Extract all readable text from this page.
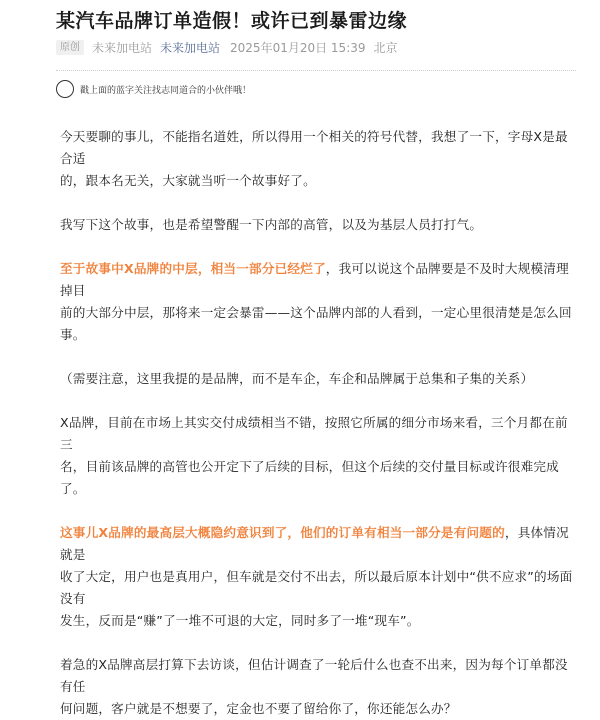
某汽车品牌订单造假！或许已到暴雷边缘
原创	未来加电站 未来加电站 2025年01月20日 15:39 北京
戳上面的蓝字关注找志同道合的小伙伴哦！

今天要聊的事儿，不能指名道姓，所以得用一个相关的符号代替，我想了一下，字母X是最合适
的，跟本名无关，大家就当听一个故事好了。

我写下这个故事，也是希望警醒一下内部的高管，以及为基层人员打打气。

至于故事中X品牌的中层，相当一部分已经烂了，我可以说这个品牌要是不及时大规模清理掉目
前的大部分中层，那将来一定会暴雷——这个品牌内部的人看到，一定心里很清楚是怎么回事。

（需要注意，这里我提的是品牌，而不是车企，车企和品牌属于总集和子集的关系）

X品牌，目前在市场上其实交付成绩相当不错，按照它所属的细分市场来看，三个月都在前三
名，目前该品牌的高管也公开定下了后续的目标，但这个后续的交付量目标或许很难完成了。

这事儿X品牌的最高层大概隐约意识到了，他们的订单有相当一部分是有问题的，具体情况就是
收了大定，用户也是真用户，但车就是交付不出去，所以最后原本计划中“供不应求”的场面没有
发生，反而是“赚”了一堆不可退的大定，同时多了一堆“现车”。

着急的X品牌高层打算下去访谈，但估计调查了一轮后什么也查不出来，因为每个订单都没有任
何问题，客户就是不想要了，定金也不要了留给你了，你还能怎么办？
